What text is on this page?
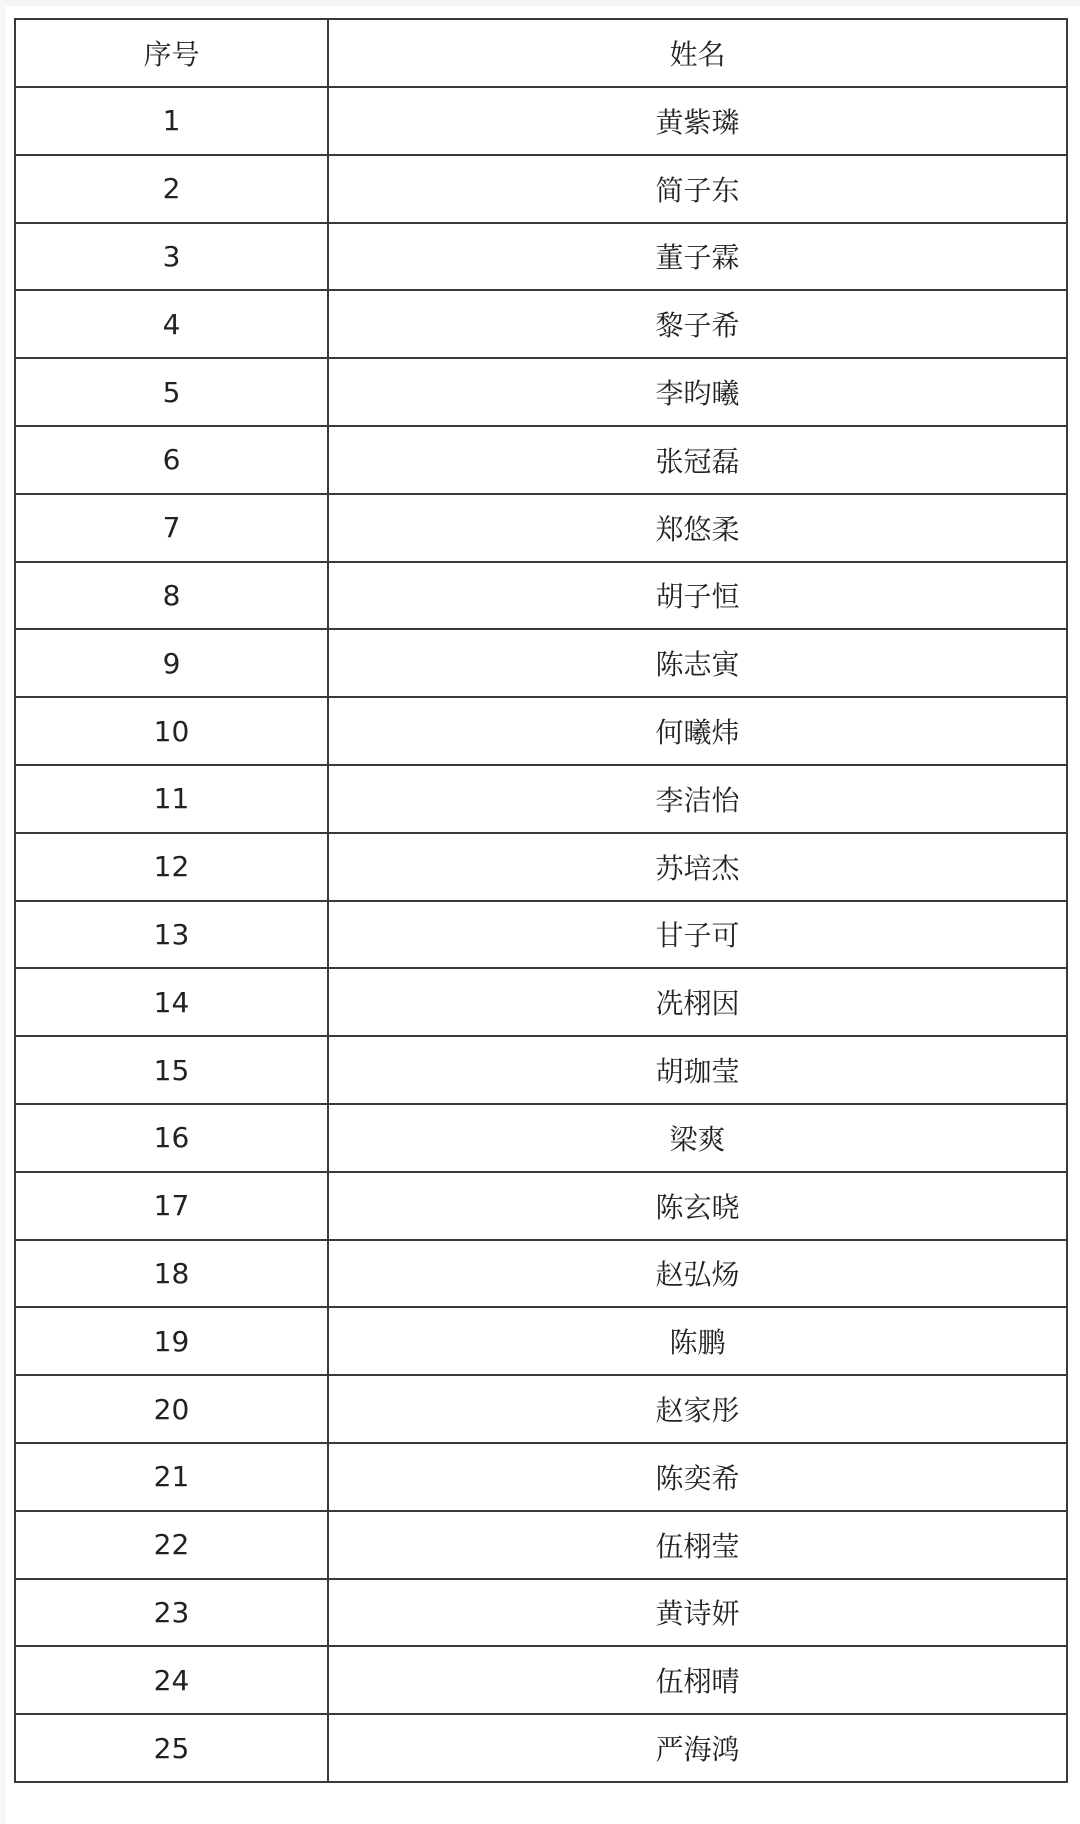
序号	姓名
1	黄紫璘
2	简子东
3	董子霖
4	黎子希
5	李昀曦
6	张冠磊
7	郑悠柔
8	胡子恒
9	陈志寅
10	何曦炜
11	李洁怡
12	苏培杰
13	甘子可
14	冼栩因
15	胡珈莹
16	梁爽
17	陈玄晓
18	赵弘炀
19	陈鹏
20	赵家彤
21	陈奕希
22	伍栩莹
23	黄诗妍
24	伍栩晴
25	严海鸿
